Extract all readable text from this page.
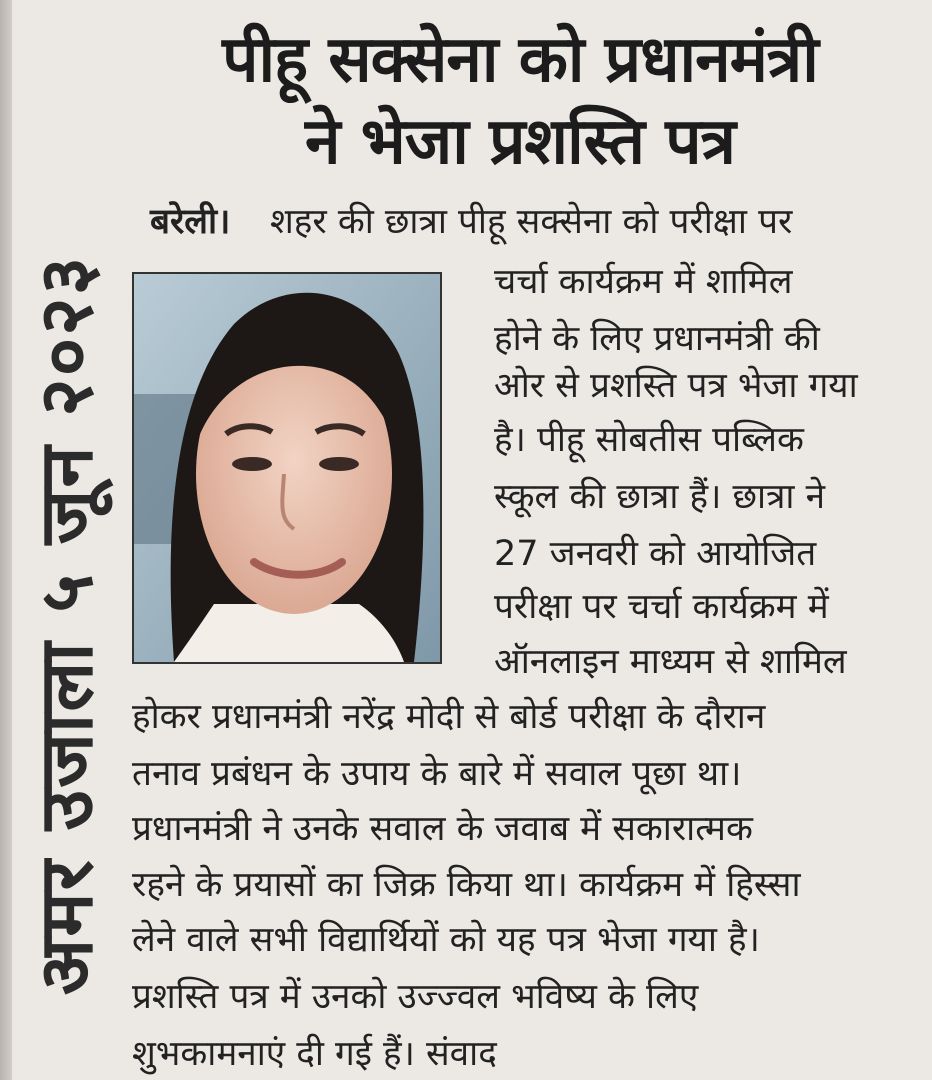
पीहू सक्सेना को प्रधानमंत्री
ने भेजा प्रशस्ति पत्र
अमर उजाला ५ जून २०२३
बरेली। शहर की छात्रा पीहू सक्सेना को परीक्षा पर
चर्चा कार्यक्रम में शामिल
होने के लिए प्रधानमंत्री की
ओर से प्रशस्ति पत्र भेजा गया
है। पीहू सोबतीस पब्लिक
स्कूल की छात्रा हैं। छात्रा ने
27 जनवरी को आयोजित
परीक्षा पर चर्चा कार्यक्रम में
ऑनलाइन माध्यम से शामिल
होकर प्रधानमंत्री नरेंद्र मोदी से बोर्ड परीक्षा के दौरान
तनाव प्रबंधन के उपाय के बारे में सवाल पूछा था।
प्रधानमंत्री ने उनके सवाल के जवाब में सकारात्मक
रहने के प्रयासों का जिक्र किया था। कार्यक्रम में हिस्सा
लेने वाले सभी विद्यार्थियों को यह पत्र भेजा गया है।
प्रशस्ति पत्र में उनको उज्ज्वल भविष्य के लिए
शुभकामनाएं दी गई हैं। संवाद
